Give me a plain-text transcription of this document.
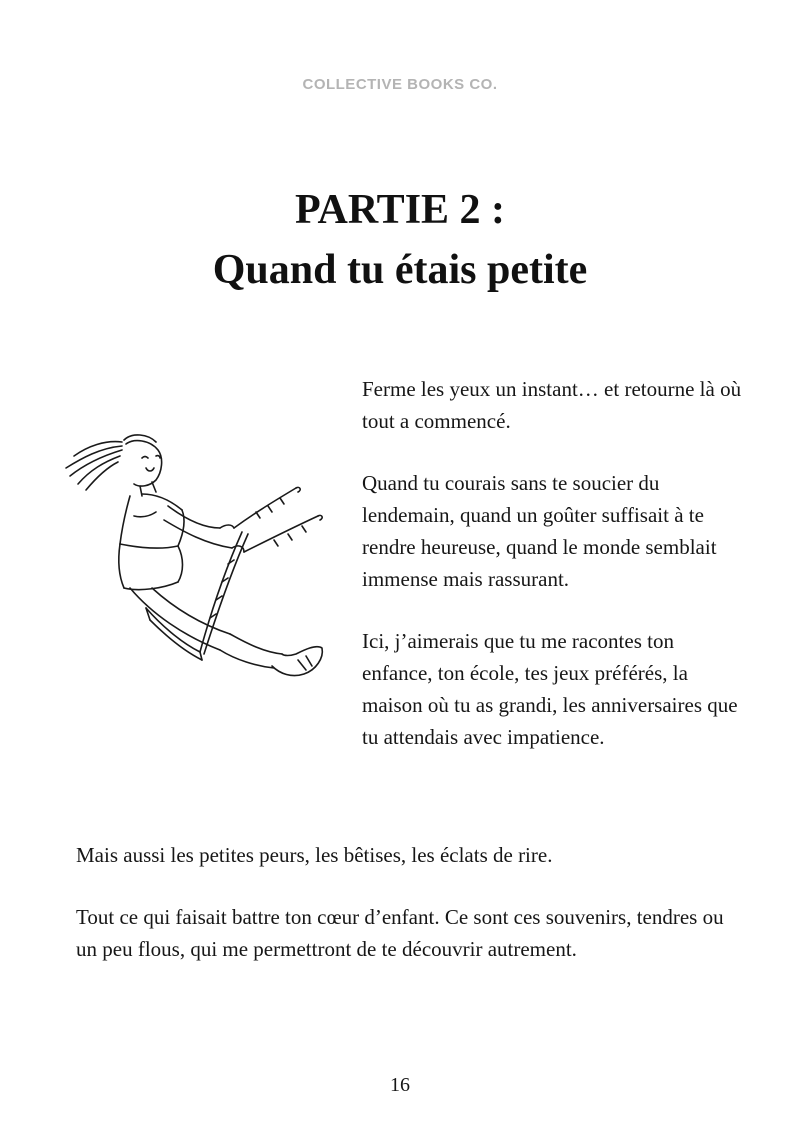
COLLECTIVE BOOKS CO.
PARTIE 2 :
Quand tu étais petite

Ferme les yeux un instant… et retourne là où tout a commencé.

Quand tu courais sans te soucier du lendemain, quand un goûter suffisait à te rendre heureuse, quand le monde semblait immense mais rassurant.

Ici, j’aimerais que tu me racontes ton enfance, ton école, tes jeux préférés, la maison où tu as grandi, les anniversaires que tu attendais avec impatience.

Mais aussi les petites peurs, les bêtises, les éclats de rire.

Tout ce qui faisait battre ton cœur d’enfant. Ce sont ces souvenirs, tendres ou un peu flous, qui me permettront de te découvrir autrement.

16
